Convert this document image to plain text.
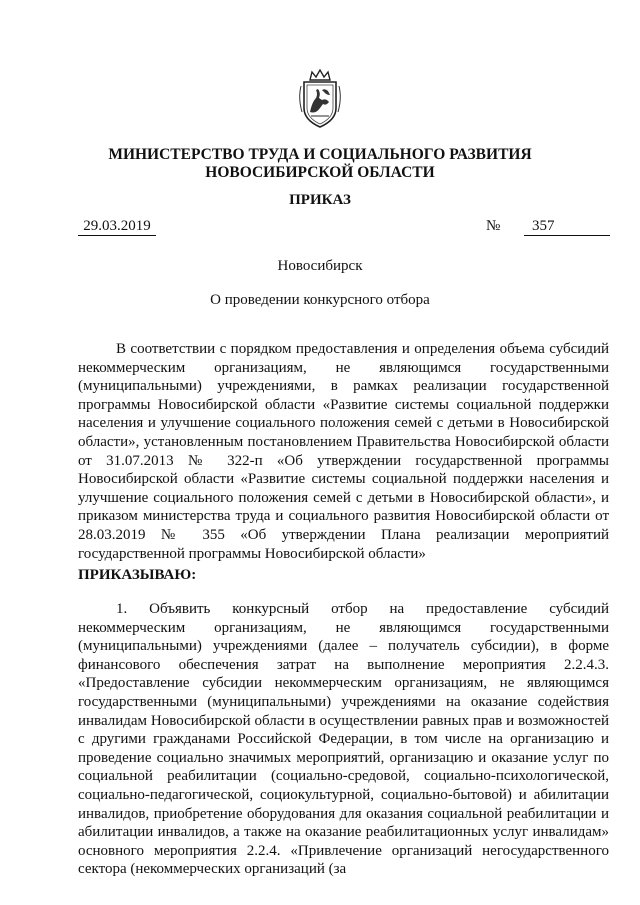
МИНИСТЕРСТВО ТРУДА И СОЦИАЛЬНОГО РАЗВИТИЯ
НОВОСИБИРСКОЙ ОБЛАСТИ
ПРИКАЗ
29.03.2019	№	357
Новосибирск
О проведении конкурсного отбора
В соответствии с порядком предоставления и определения объема субсидий некоммерческим организациям, не являющимся государственными (муниципальными) учреждениями, в рамках реализации государственной программы Новосибирской области «Развитие системы социальной поддержки населения и улучшение социального положения семей с детьми в Новосибирской области», установленным постановлением Правительства Новосибирской области от 31.07.2013 № 322-п «Об утверждении государственной программы Новосибирской области «Развитие системы социальной поддержки населения и улучшение социального положения семей с детьми в Новосибирской области», и приказом министерства труда и социального развития Новосибирской области от 28.03.2019 № 355 «Об утверждении Плана реализации мероприятий государственной программы Новосибирской области»
ПРИКАЗЫВАЮ:
1. Объявить конкурсный отбор на предоставление субсидий некоммерческим организациям, не являющимся государственными (муниципальными) учреждениями (далее – получатель субсидии), в форме финансового обеспечения затрат на выполнение мероприятия 2.2.4.3. «Предоставление субсидии некоммерческим организациям, не являющимся государственными (муниципальными) учреждениями на оказание содействия инвалидам Новосибирской области в осуществлении равных прав и возможностей с другими гражданами Российской Федерации, в том числе на организацию и проведение социально значимых мероприятий, организацию и оказание услуг по социальной реабилитации (социально-средовой, социально-психологической, социально-педагогической, социокультурной, социально-бытовой) и абилитации инвалидов, приобретение оборудования для оказания социальной реабилитации и абилитации инвалидов, а также на оказание реабилитационных услуг инвалидам» основного мероприятия 2.2.4. «Привлечение организаций негосударственного сектора (некоммерческих организаций (за
